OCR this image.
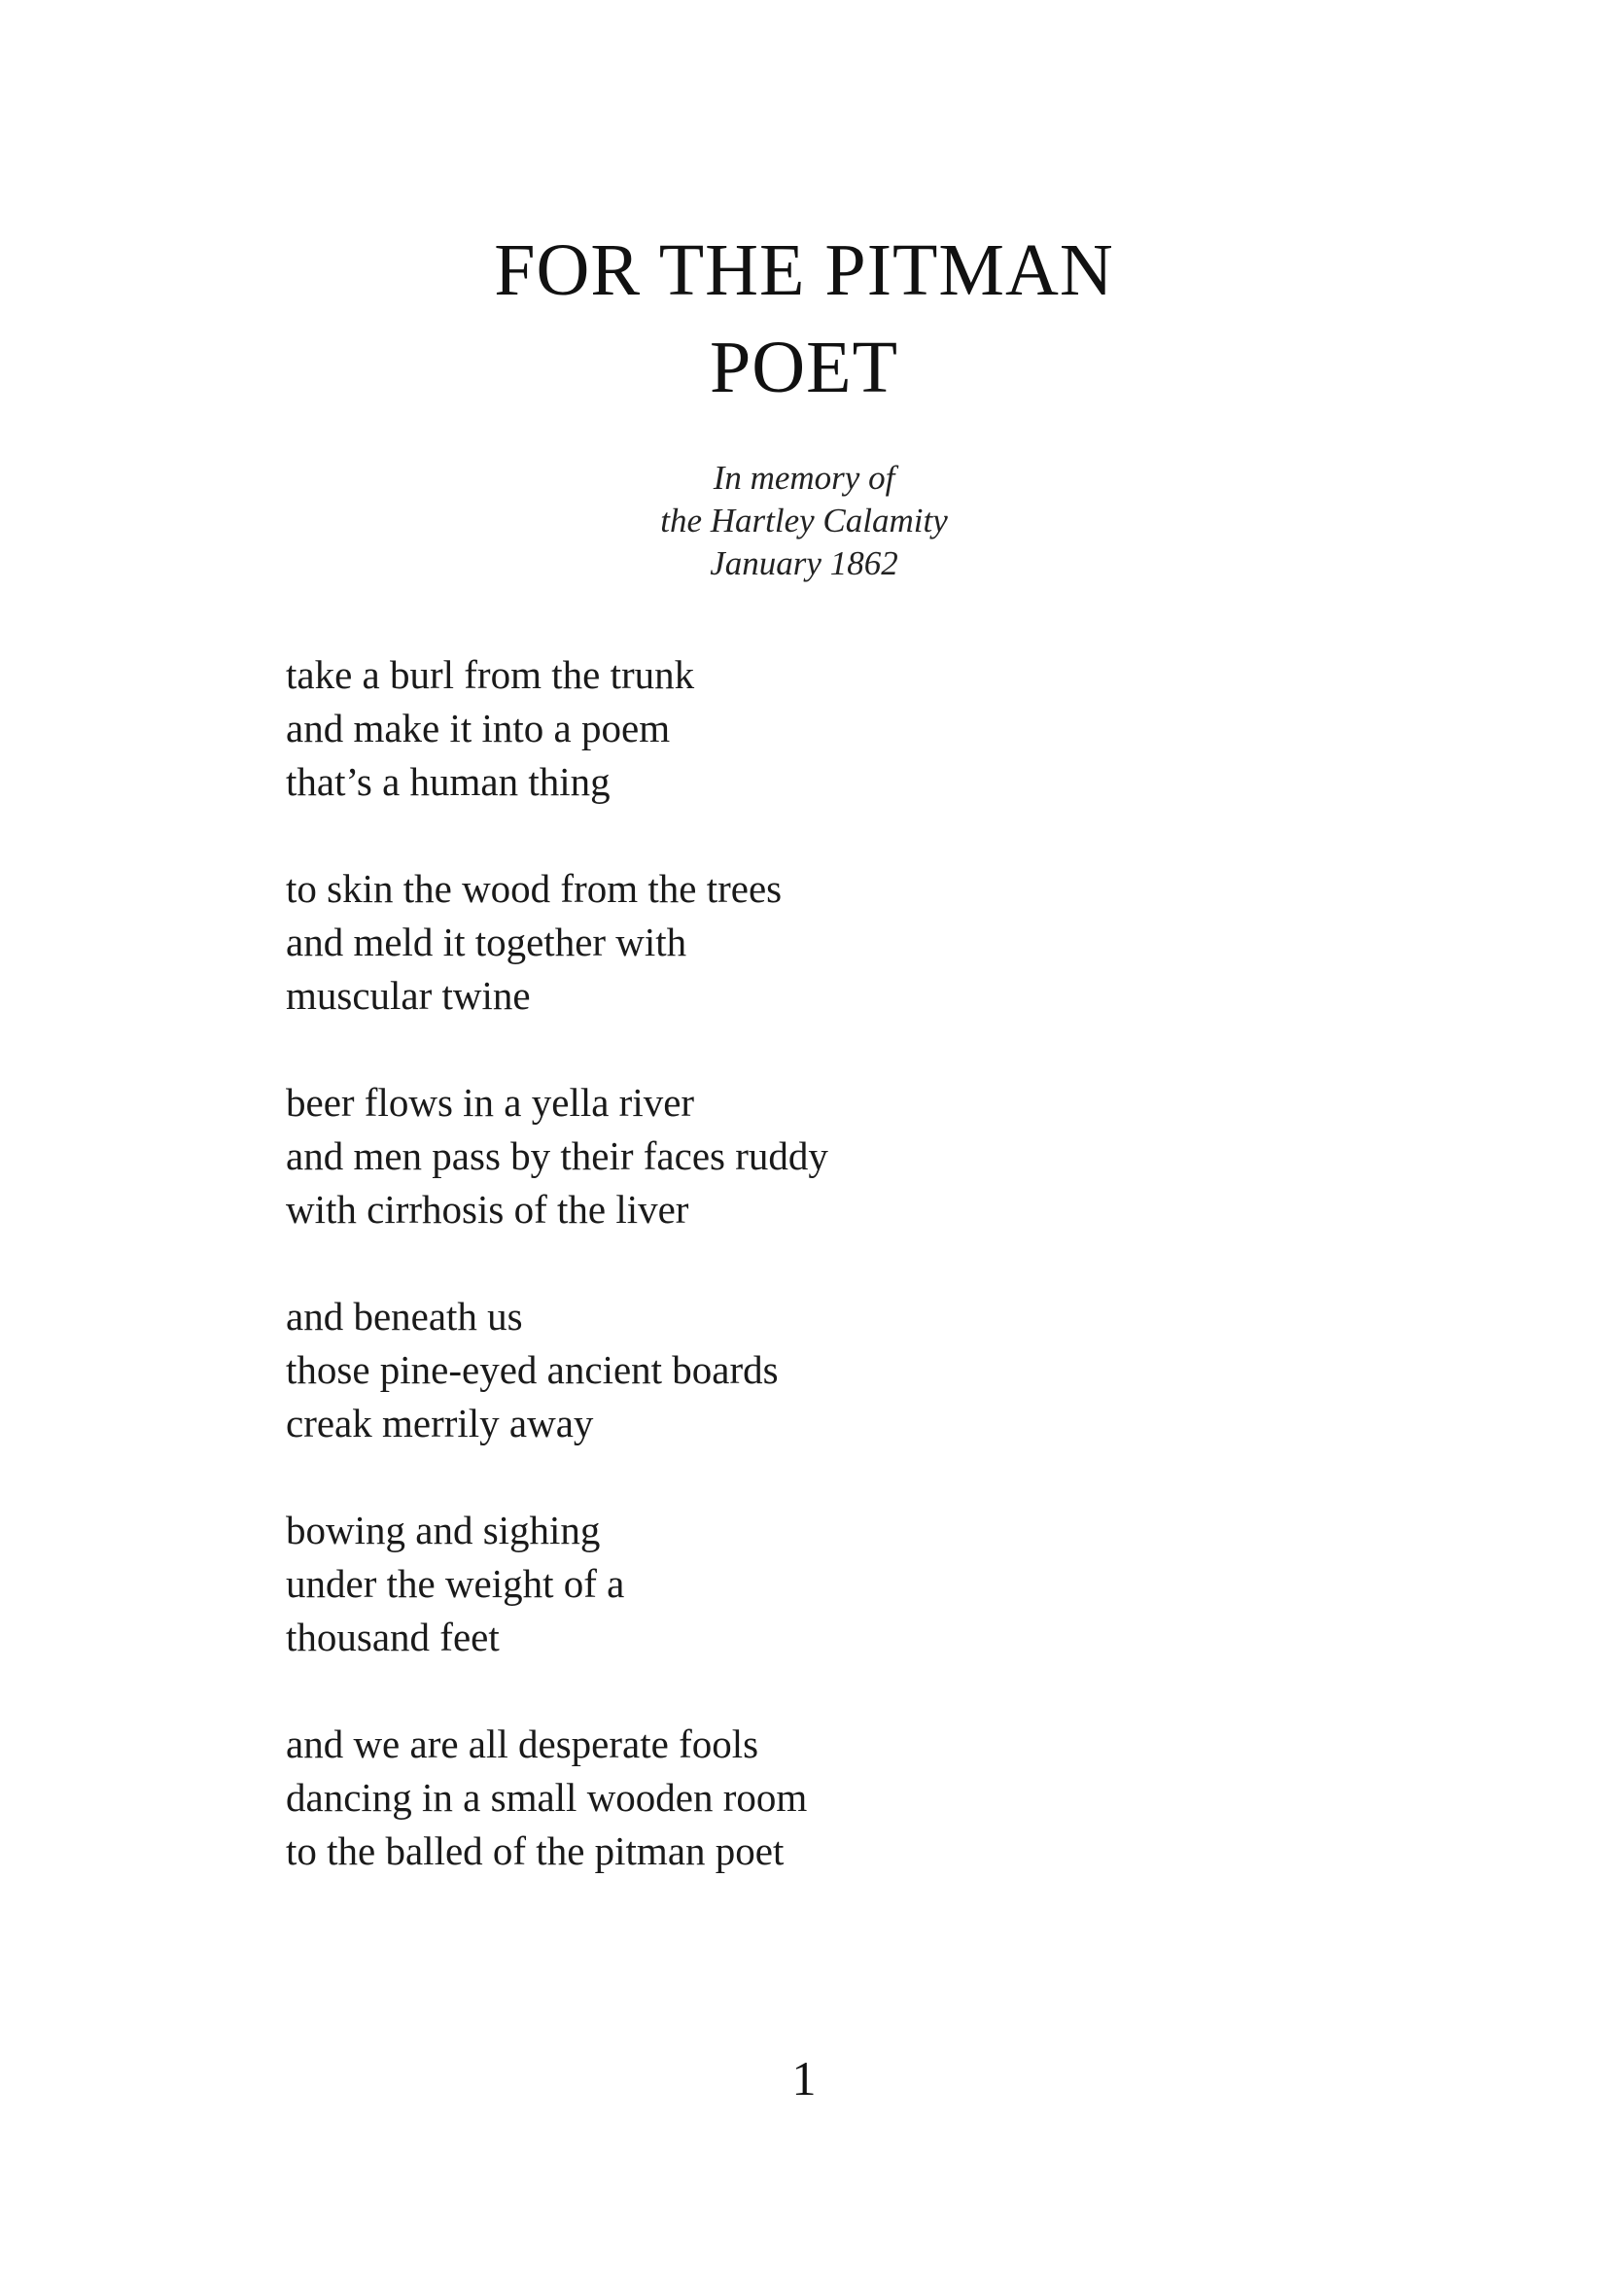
FOR THE PITMAN
POET
In memory of
the Hartley Calamity
January 1862
take a burl from the trunk
and make it into a poem
that’s a human thing
to skin the wood from the trees
and meld it together with
muscular twine
beer flows in a yella river
and men pass by their faces ruddy
with cirrhosis of the liver
and beneath us
those pine-eyed ancient boards
creak merrily away
bowing and sighing
under the weight of a
thousand feet
and we are all desperate fools
dancing in a small wooden room
to the balled of the pitman poet
1
